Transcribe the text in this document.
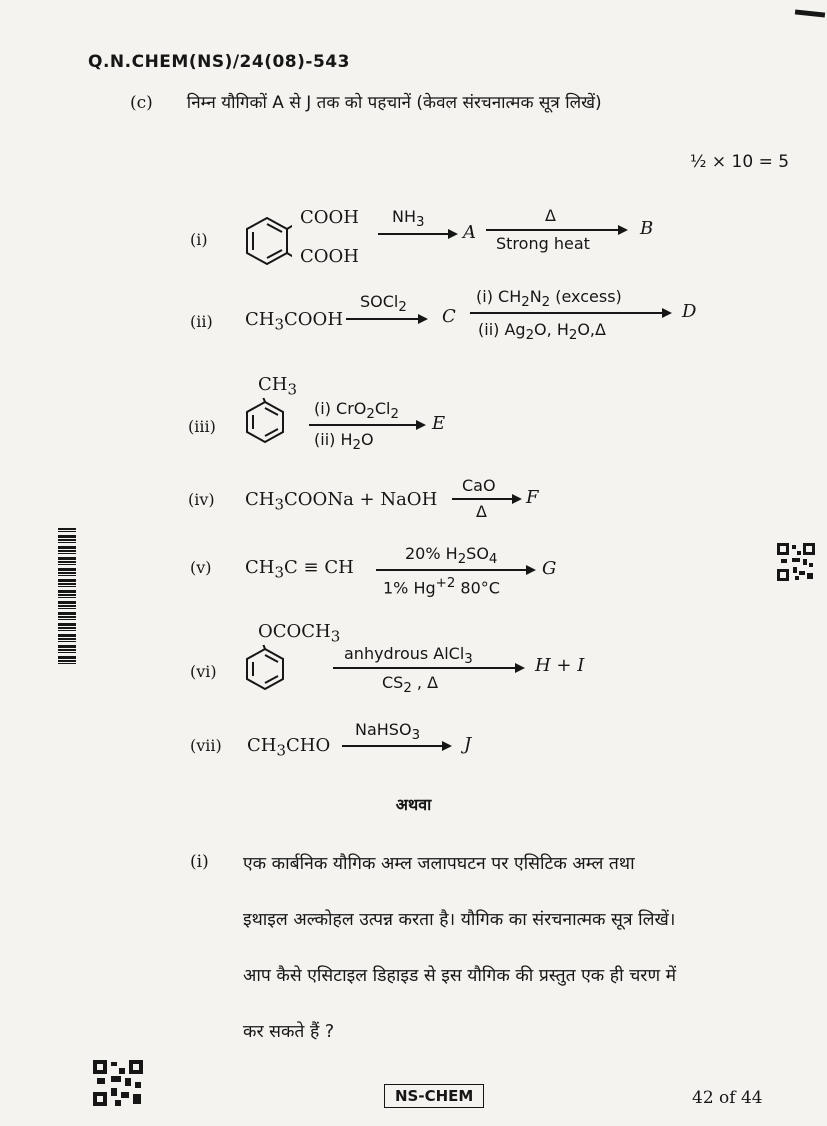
Q.N.CHEM(NS)/24(08)-543
(c) निम्न यौगिकों A से J तक को पहचानें (केवल संरचनात्मक सूत्र लिखें)
½ × 10 = 5
(i)
COOH
COOH
$NH_3$ A
Δ
Strong heat
B
(ii) $CH_3COOH$
SOCl$_2$ C
(i) $CH_2N_2$ (excess)
(ii) $Ag_2O$, $H_2O,\Delta$
D
(iii)
$CH_3$
(i) $CrO_2Cl_2$
(ii) $H_2O$
E
(iv) $CH_3COONa$ + NaOH
CaO
Δ
F
(v) $CH_3C$ ≡ CH
20% $H_2SO_4$
1% $Hg^{+2}$ 80°C
G
(vi)
$OCOCH_3$
anhydrous AlCl$_3$
$CS_2$ , Δ
H + I
(vii) $CH_3CHO$
NaHSO$_3$ J
अथवा
(i) एक कार्बनिक यौगिक अम्ल जलापघटन पर एसिटिक अम्ल तथा
इथाइल अल्कोहल उत्पन्न करता है। यौगिक का संरचनात्मक सूत्र लिखें।
आप कैसे एसिटाइल डिहाइड से इस यौगिक की प्रस्तुत एक ही चरण में
कर सकते हैं ?
NS-CHEM	42 of 44
